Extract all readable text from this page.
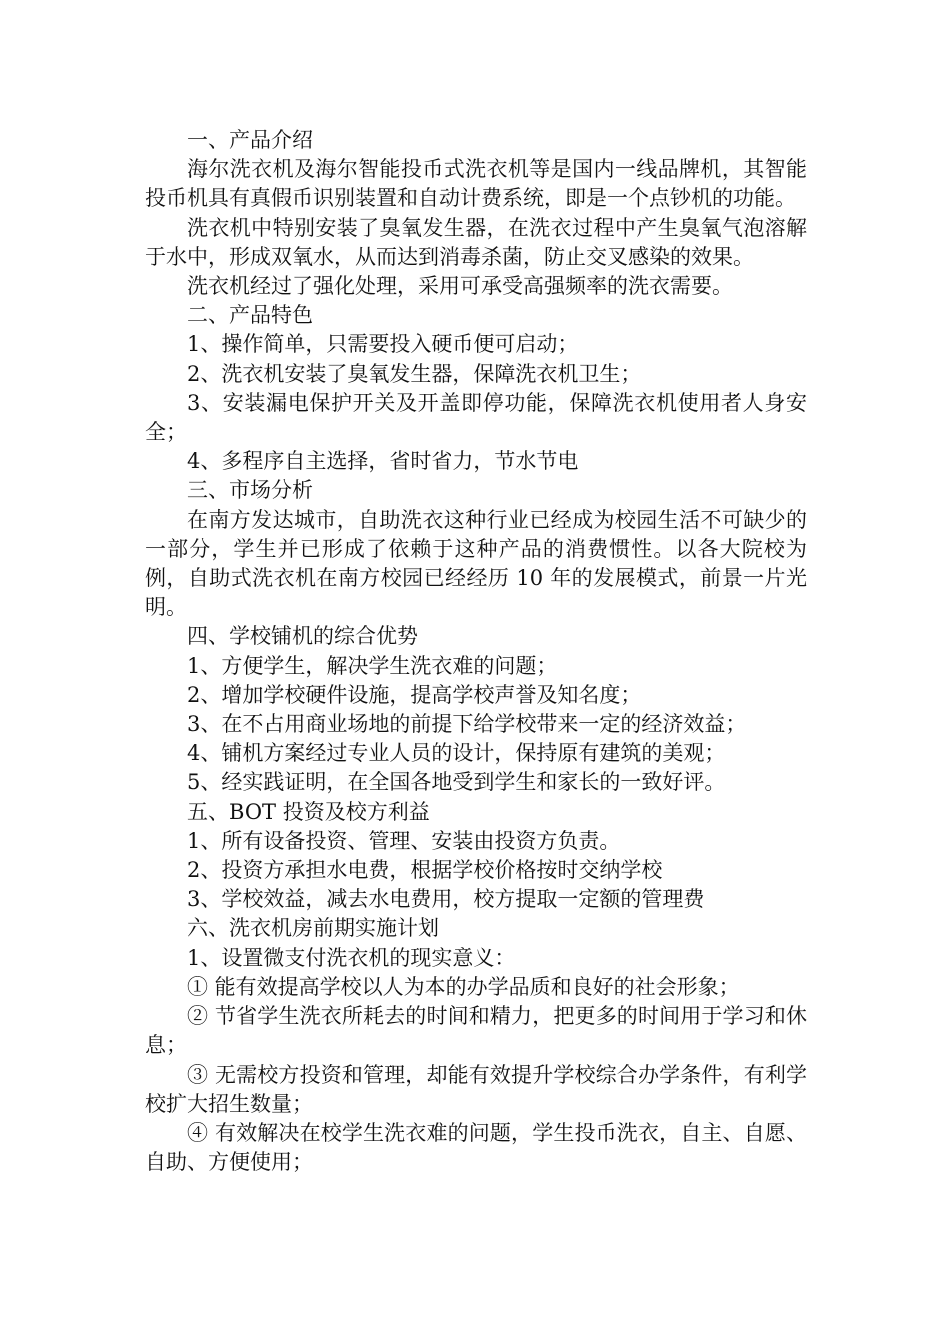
一、产品介绍

海尔洗衣机及海尔智能投币式洗衣机等是国内一线品牌机，其智能投币机具有真假币识别装置和自动计费系统，即是一个点钞机的功能。

洗衣机中特别安装了臭氧发生器，在洗衣过程中产生臭氧气泡溶解于水中，形成双氧水，从而达到消毒杀菌，防止交叉感染的效果。

洗衣机经过了强化处理，采用可承受高强频率的洗衣需要。

二、产品特色

1、操作简单，只需要投入硬币便可启动；

2、洗衣机安装了臭氧发生器，保障洗衣机卫生；

3、安装漏电保护开关及开盖即停功能，保障洗衣机使用者人身安全；

4、多程序自主选择，省时省力，节水节电

三、市场分析

在南方发达城市，自助洗衣这种行业已经成为校园生活不可缺少的一部分，学生并已形成了依赖于这种产品的消费惯性。以各大院校为例，自助式洗衣机在南方校园已经经历 10 年的发展模式，前景一片光明。

四、学校铺机的综合优势

1、方便学生，解决学生洗衣难的问题；

2、增加学校硬件设施，提高学校声誉及知名度；

3、在不占用商业场地的前提下给学校带来一定的经济效益；

4、铺机方案经过专业人员的设计，保持原有建筑的美观；

5、经实践证明，在全国各地受到学生和家长的一致好评。

五、BOT 投资及校方利益

1、所有设备投资、管理、安装由投资方负责。

2、投资方承担水电费，根据学校价格按时交纳学校

3、学校效益，减去水电费用，校方提取一定额的管理费

六、洗衣机房前期实施计划

1、设置微支付洗衣机的现实意义：

① 能有效提高学校以人为本的办学品质和良好的社会形象；

② 节省学生洗衣所耗去的时间和精力，把更多的时间用于学习和休息；

③ 无需校方投资和管理，却能有效提升学校综合办学条件，有利学校扩大招生数量；

④ 有效解决在校学生洗衣难的问题，学生投币洗衣，自主、自愿、自助、方便使用；
